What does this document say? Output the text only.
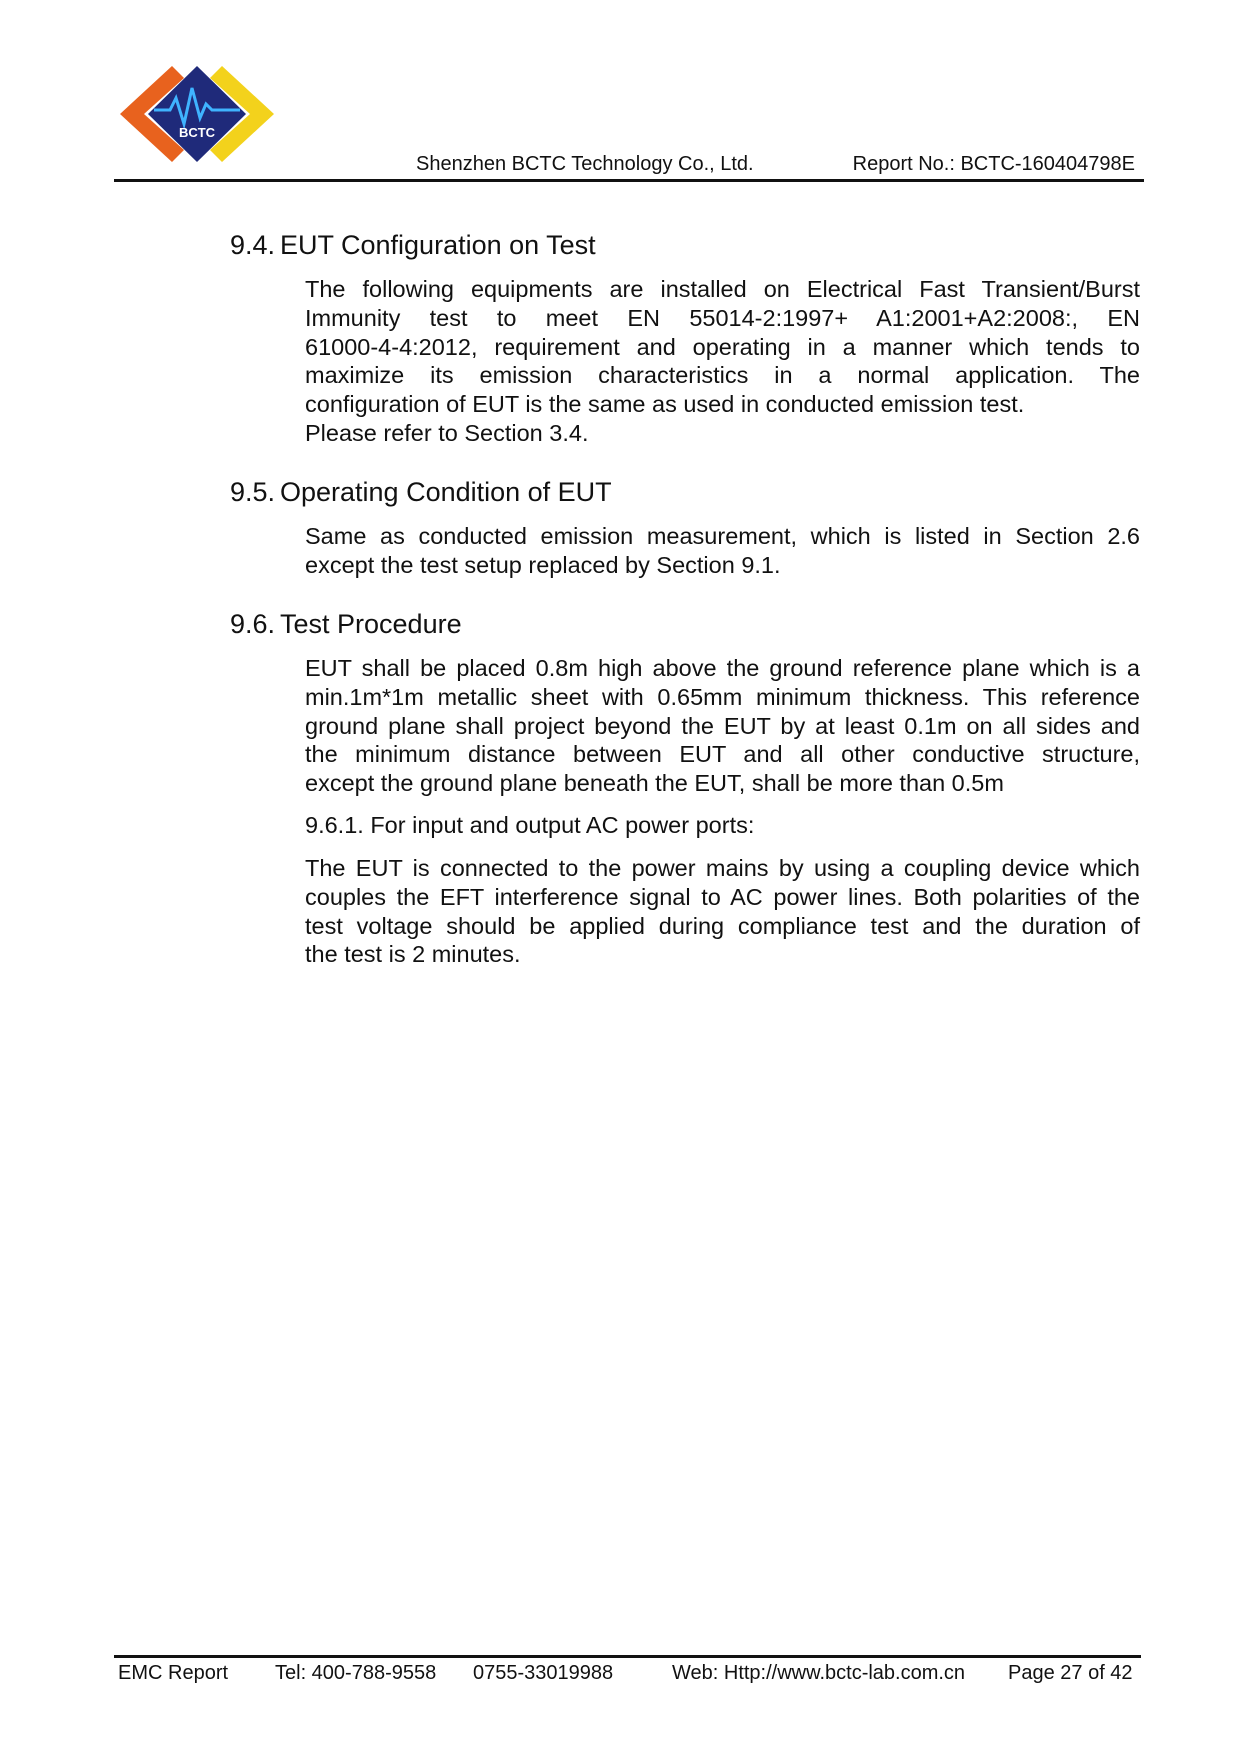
BCTC
Shenzhen BCTC Technology Co., Ltd.	Report No.: BCTC-160404798E
9.4. EUT Configuration on Test
The following equipments are installed on Electrical Fast Transient/Burst
Immunity test to meet EN 55014-2:1997+ A1:2001+A2:2008:, EN
61000-4-4:2012, requirement and operating in a manner which tends to
maximize its emission characteristics in a normal application. The
configuration of EUT is the same as used in conducted emission test.
Please refer to Section 3.4.
9.5. Operating Condition of EUT
Same as conducted emission measurement, which is listed in Section 2.6
except the test setup replaced by Section 9.1.
9.6. Test Procedure
EUT shall be placed 0.8m high above the ground reference plane which is a
min.1m*1m metallic sheet with 0.65mm minimum thickness. This reference
ground plane shall project beyond the EUT by at least 0.1m on all sides and
the minimum distance between EUT and all other conductive structure,
except the ground plane beneath the EUT, shall be more than 0.5m
9.6.1. For input and output AC power ports:
The EUT is connected to the power mains by using a coupling device which
couples the EFT interference signal to AC power lines. Both polarities of the
test voltage should be applied during compliance test and the duration of
the test is 2 minutes.
EMC Report Tel: 400-788-9558 0755-33019988	Web: Http://www.bctc-lab.com.cn Page 27 of 42
